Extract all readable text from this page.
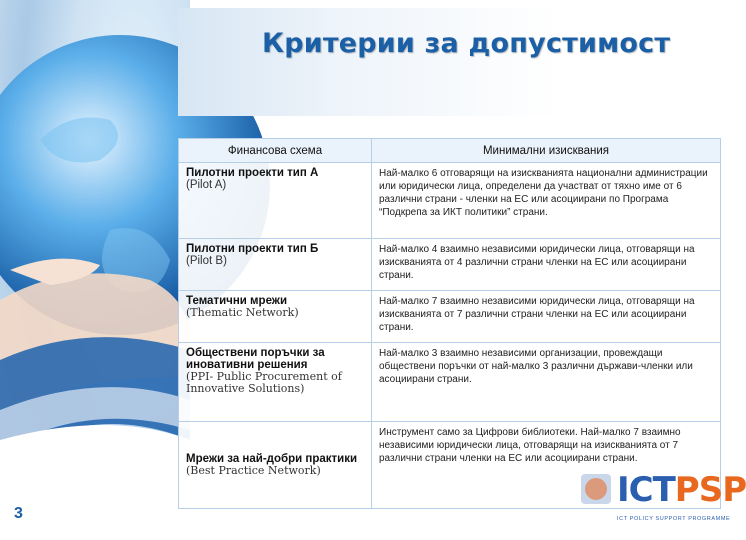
Критерии за допустимост
Финансова схема	Минимални изисквания
Пилотни проекти тип А
(Pilot A)	Най-малко 6 отговарящи на изискванията национални администрации или юридически лица, определени да участват от тяхно име от 6 различни страни - членки на ЕС или асоциирани по Програма “Подкрепа за ИКТ политики” страни.
Пилотни проекти тип Б
(Pilot B)	Най-малко 4 взаимно независими юридически лица, отговарящи на изискванията от 4 различни страни членки на ЕС или асоциирани страни.
Тематични мрежи
(Thematic Network)	Най-малко 7 взаимно независими юридически лица, отговарящи на изискванията от 7 различни страни членки на ЕС или асоциирани страни.
Обществени поръчки за иновативни решения
(PPI- Public Procurement of Innovative Solutions)	Най-малко 3 взаимно независими организации, провеждащи обществени поръчки от най-малко 3 различни държави-членки или асоциирани страни.
Мрежи за най-добри практики (Best Practice Network)	Инструмент само за Цифрови библиотеки. Най-малко 7 взаимно независими юридически лица, отговарящи на изискванията от 7 различни страни членки на ЕС или асоциирани страни.
3
ICTPSP
ICT POLICY SUPPORT PROGRAMME
